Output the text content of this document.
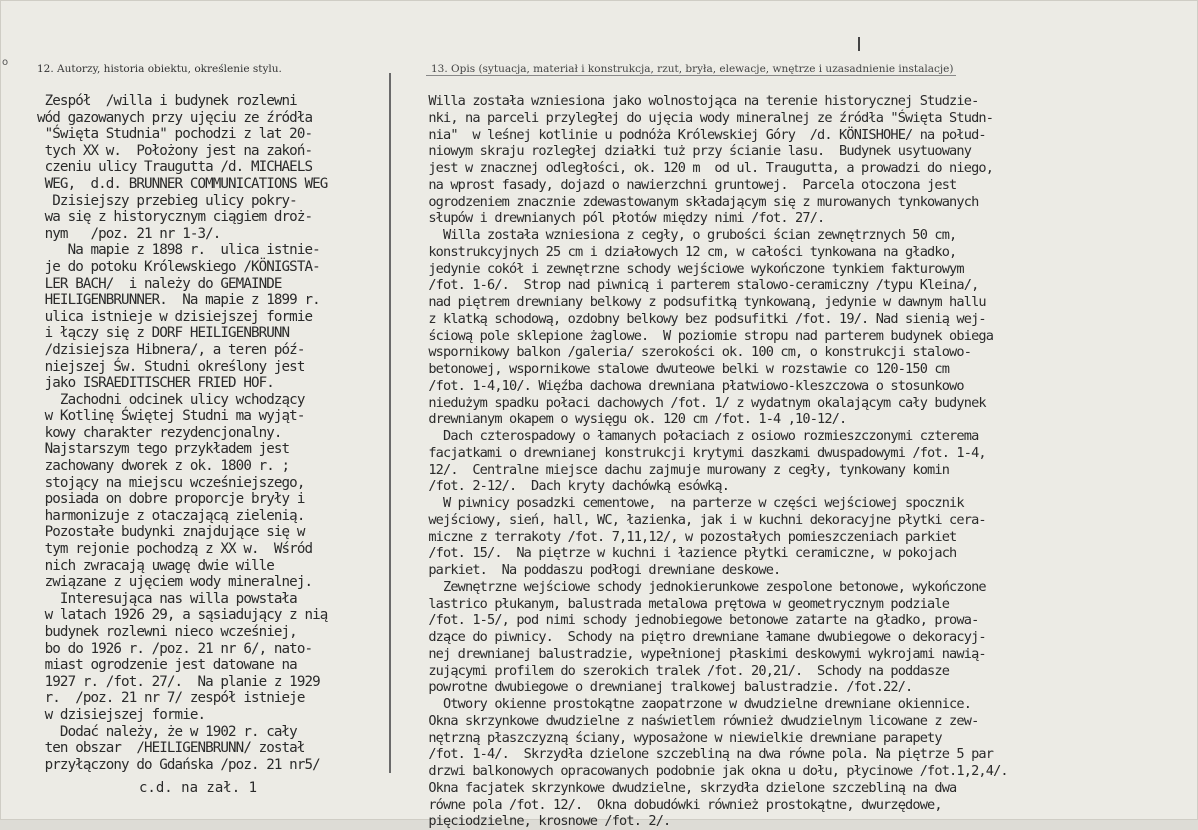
o
12. Autorzy, historia obiektu, określenie stylu.	13. Opis (sytuacja, materiał i konstrukcja, rzut, bryła, elewacje, wnętrze i uzasadnienie instalacje)
Zespół  /willa i budynek rozlewni
wód gazowanych przy ujęciu ze źródła
"Święta Studnia" pochodzi z lat 20-
tych XX w.  Położony jest na zakoń-
czeniu ulicy Traugutta /d. MICHAELS
WEG,  d.d. BRUNNER COMMUNICATIONS WEG
Dzisiejszy przebieg ulicy pokry-
wa się z historycznym ciągiem droż-
nym   /poz. 21 nr 1-3/.
Na mapie z 1898 r.  ulica istnie-
je do potoku Królewskiego /KÖNIGSTA-
LER BACH/  i należy do GEMAINDE
HEILIGENBRUNNER.  Na mapie z 1899 r.
ulica istnieje w dzisiejszej formie
i łączy się z DORF HEILIGENBRUNN
/dzisiejsza Hibnera/, a teren póź-
niejszej Św. Studni określony jest
jako ISRAEDITISCHER FRIED HOF.
Zachodni odcinek ulicy wchodzący
w Kotlinę Świętej Studni ma wyjąt-
kowy charakter rezydencjonalny.
Najstarszym tego przykładem jest
zachowany dworek z ok. 1800 r. ;
stojący na miejscu wcześniejszego,
posiada on dobre proporcje bryły i
harmonizuje z otaczającą zielenią.
Pozostałe budynki znajdujące się w
tym rejonie pochodzą z XX w.  Wśród
nich zwracają uwagę dwie wille
związane z ujęciem wody mineralnej.
Interesująca nas willa powstała
w latach 1926 29, a sąsiadujący z nią
budynek rozlewni nieco wcześniej,
bo do 1926 r. /poz. 21 nr 6/, nato-
miast ogrodzenie jest datowane na
1927 r. /fot. 27/.  Na planie z 1929
r.  /poz. 21 nr 7/ zespół istnieje
w dzisiejszej formie.
Dodać należy, że w 1902 r. cały
ten obszar  /HEILIGENBRUNN/ został
przyłączony do Gdańska /poz. 21 nr5/
Willa została wzniesiona jako wolnostojąca na terenie historycznej Studzie-
nki, na parceli przyległej do ujęcia wody mineralnej ze źródła "Święta Studn-
nia"  w leśnej kotlinie u podnóża Królewskiej Góry  /d. KÖNISHOHE/ na połud-
niowym skraju rozległej działki tuż przy ścianie lasu.  Budynek usytuowany
jest w znacznej odległości, ok. 120 m  od ul. Traugutta, a prowadzi do niego,
na wprost fasady, dojazd o nawierzchni gruntowej.  Parcela otoczona jest
ogrodzeniem znacznie zdewastowanym składającym się z murowanych tynkowanych
słupów i drewnianych pól płotów między nimi /fot. 27/.
Willa została wzniesiona z cegły, o grubości ścian zewnętrznych 50 cm,
konstrukcyjnych 25 cm i działowych 12 cm, w całości tynkowana na gładko,
jedynie cokół i zewnętrzne schody wejściowe wykończone tynkiem fakturowym
/fot. 1-6/.  Strop nad piwnicą i parterem stalowo-ceramiczny /typu Kleina/,
nad piętrem drewniany belkowy z podsufitką tynkowaną, jedynie w dawnym hallu
z klatką schodową, ozdobny belkowy bez podsufitki /fot. 19/. Nad sienią wej-
ściową pole sklepione żaglowe.  W poziomie stropu nad parterem budynek obiega
wspornikowy balkon /galeria/ szerokości ok. 100 cm, o konstrukcji stalowo-
betonowej, wspornikowe stalowe dwuteowe belki w rozstawie co 120-150 cm
/fot. 1-4,10/. Więźba dachowa drewniana płatwiowo-kleszczowa o stosunkowo
niedużym spadku połaci dachowych /fot. 1/ z wydatnym okalającym cały budynek
drewnianym okapem o wysięgu ok. 120 cm /fot. 1-4 ,10-12/.
Dach czterospadowy o łamanych połaciach z osiowo rozmieszczonymi czterema
facjatkami o drewnianej konstrukcji krytymi daszkami dwuspadowymi /fot. 1-4,
12/.  Centralne miejsce dachu zajmuje murowany z cegły, tynkowany komin
/fot. 2-12/.  Dach kryty dachówką esówką.
W piwnicy posadzki cementowe,  na parterze w części wejściowej spocznik
wejściowy, sień, hall, WC, łazienka, jak i w kuchni dekoracyjne płytki cera-
miczne z terrakoty /fot. 7,11,12/, w pozostałych pomieszczeniach parkiet
/fot. 15/.  Na piętrze w kuchni i łazience płytki ceramiczne, w pokojach
parkiet.  Na poddaszu podłogi drewniane deskowe.
Zewnętrzne wejściowe schody jednokierunkowe zespolone betonowe, wykończone
lastrico płukanym, balustrada metalowa prętowa w geometrycznym podziale
/fot. 1-5/, pod nimi schody jednobiegowe betonowe zatarte na gładko, prowa-
dzące do piwnicy.  Schody na piętro drewniane łamane dwubiegowe o dekoracyj-
nej drewnianej balustradzie, wypełnionej płaskimi deskowymi wykrojami nawią-
zującymi profilem do szerokich tralek /fot. 20,21/.  Schody na poddasze
powrotne dwubiegowe o drewnianej tralkowej balustradzie. /fot.22/.
Otwory okienne prostokątne zaopatrzone w dwudzielne drewniane okiennice.
Okna skrzynkowe dwudzielne z naświetlem również dwudzielnym licowane z zew-
nętrzną płaszczyzną ściany, wyposażone w niewielkie drewniane parapety
/fot. 1-4/.  Skrzydła dzielone szczebliną na dwa równe pola. Na piętrze 5 par
drzwi balkonowych opracowanych podobnie jak okna u dołu, płycinowe /fot.1,2,4/.
Okna facjatek skrzynkowe dwudzielne, skrzydła dzielone szczebliną na dwa
równe pola /fot. 12/.  Okna dobudówki również prostokątne, dwurzędowe,
pięciodzielne, krosnowe /fot. 2/.
c.d. na zał. 1
